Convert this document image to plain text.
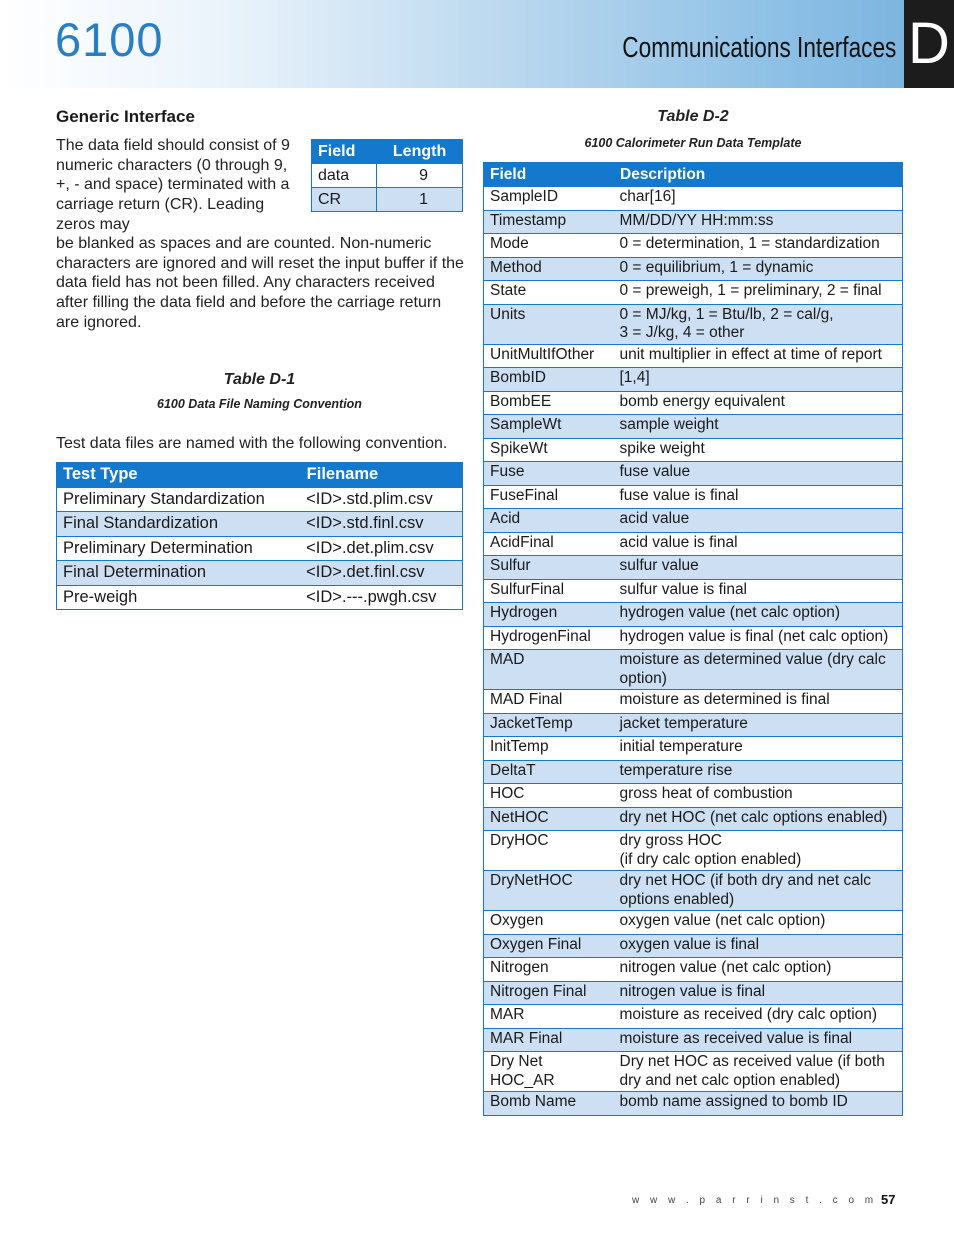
6100	Communications Interfaces D
Generic Interface
The data field should consist of 9 numeric characters (0 through 9, +, - and space) terminated with a carriage return (CR). Leading zeros may
be blanked as spaces and are counted. Non-numeric characters are ignored and will reset the input buffer if the data field has not been filled. Any characters received after filling the data field and before the carriage return are ignored.
Field	Length
data	9
CR	1
Table D-1
6100 Data File Naming Convention
Test data files are named with the following convention.
Test Type	Filename
Preliminary Standardization	<ID>.std.plim.csv
Final Standardization	<ID>.std.finl.csv
Preliminary Determination	<ID>.det.plim.csv
Final Determination	<ID>.det.finl.csv
Pre-weigh	<ID>.---.pwgh.csv
Table D-2
6100 Calorimeter Run Data Template
Field	Description
SampleID	char[16]
Timestamp	MM/DD/YY HH:mm:ss
Mode	0 = determination, 1 = standardization
Method	0 = equilibrium, 1 = dynamic
State	0 = preweigh, 1 = preliminary, 2 = final
Units	0 = MJ/kg, 1 = Btu/lb, 2 = cal/g,
3 = J/kg, 4 = other
UnitMultIfOther	unit multiplier in effect at time of report
BombID	[1,4]
BombEE	bomb energy equivalent
SampleWt	sample weight
SpikeWt	spike weight
Fuse	fuse value
FuseFinal	fuse value is final
Acid	acid value
AcidFinal	acid value is final
Sulfur	sulfur value
SulfurFinal	sulfur value is final
Hydrogen	hydrogen value (net calc option)
HydrogenFinal	hydrogen value is final (net calc option)
MAD	moisture as determined value (dry calc option)
MAD Final	moisture as determined is final
JacketTemp	jacket temperature
InitTemp	initial temperature
DeltaT	temperature rise
HOC	gross heat of combustion
NetHOC	dry net HOC (net calc options enabled)
DryHOC	dry gross HOC
(if dry calc option enabled)
DryNetHOC	dry net HOC (if both dry and net calc options enabled)
Oxygen	oxygen value (net calc option)
Oxygen Final	oxygen value is final
Nitrogen	nitrogen value (net calc option)
Nitrogen Final	nitrogen value is final
MAR	moisture as received (dry calc option)
MAR Final	moisture as received value is final
Dry Net HOC_AR	Dry net HOC as received value (if both dry and net calc option enabled)
Bomb Name	bomb name assigned to bomb ID
w w w . p a r r i n s t . c o m 57
